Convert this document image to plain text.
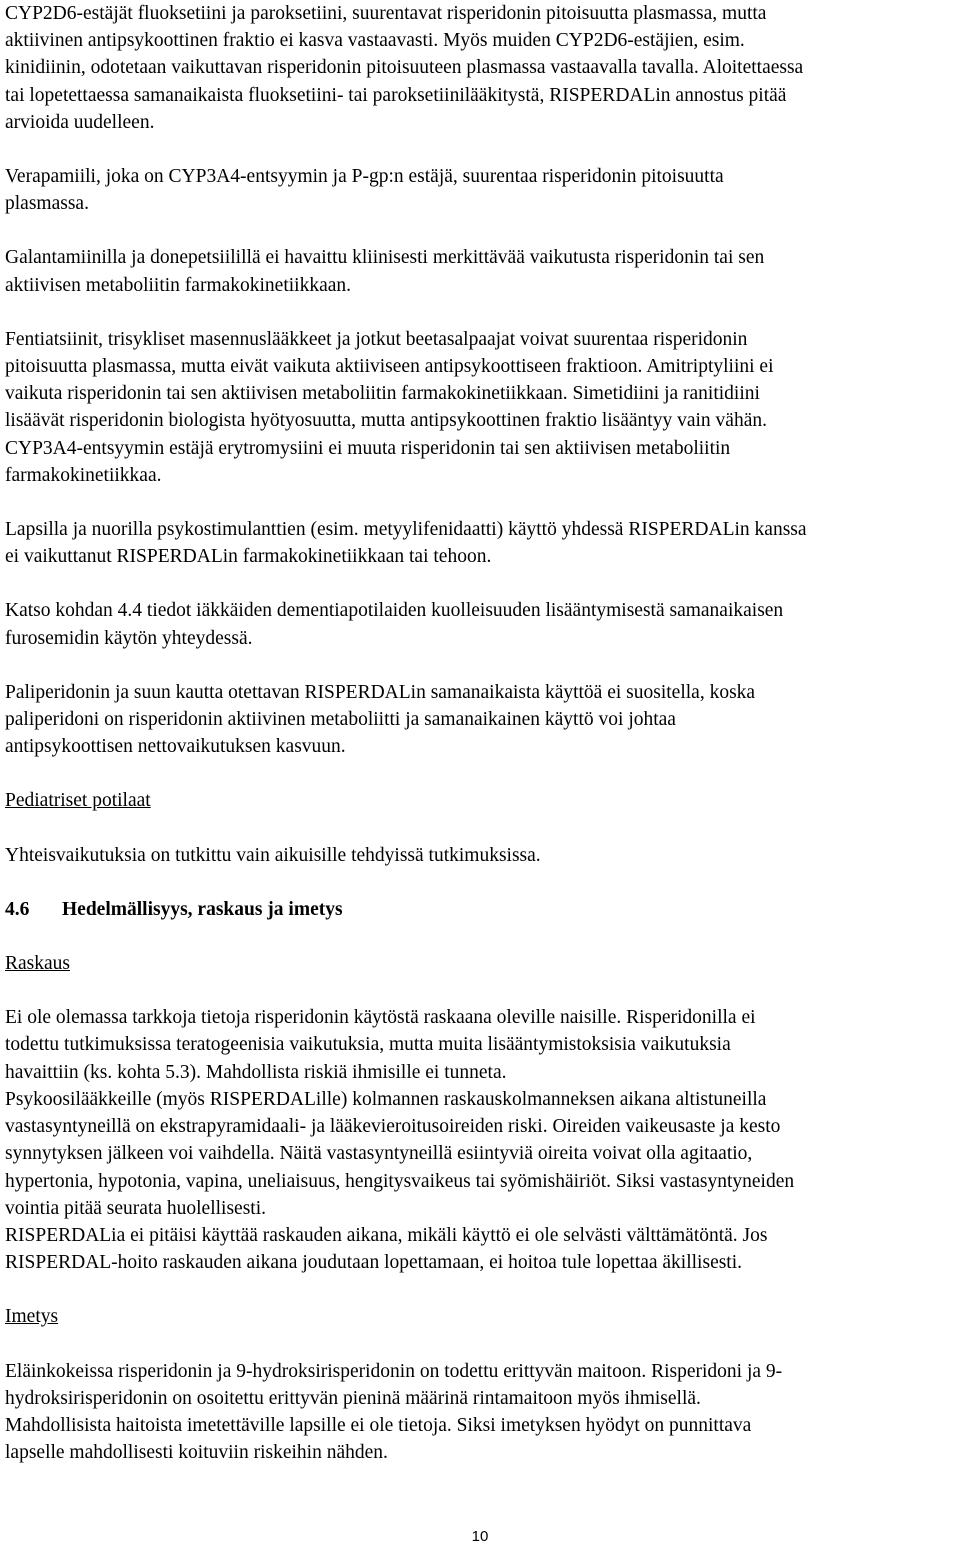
CYP2D6-estäjät fluoksetiini ja paroksetiini, suurentavat risperidonin pitoisuutta plasmassa, mutta
aktiivinen antipsykoottinen fraktio ei kasva vastaavasti. Myös muiden CYP2D6-estäjien, esim.
kinidiinin, odotetaan vaikuttavan risperidonin pitoisuuteen plasmassa vastaavalla tavalla. Aloitettaessa
tai lopetettaessa samanaikaista fluoksetiini- tai paroksetiinilääkitystä, RISPERDALin annostus pitää
arvioida uudelleen.
Verapamiili, joka on CYP3A4-entsyymin ja P-gp:n estäjä, suurentaa risperidonin pitoisuutta
plasmassa.
Galantamiinilla ja donepetsiilillä ei havaittu kliinisesti merkittävää vaikutusta risperidonin tai sen
aktiivisen metaboliitin farmakokinetiikkaan.
Fentiatsiinit, trisykliset masennuslääkkeet ja jotkut beetasalpaajat voivat suurentaa risperidonin
pitoisuutta plasmassa, mutta eivät vaikuta aktiiviseen antipsykoottiseen fraktioon. Amitriptyliini ei
vaikuta risperidonin tai sen aktiivisen metaboliitin farmakokinetiikkaan. Simetidiini ja ranitidiini
lisäävät risperidonin biologista hyötyosuutta, mutta antipsykoottinen fraktio lisääntyy vain vähän.
CYP3A4-entsyymin estäjä erytromysiini ei muuta risperidonin tai sen aktiivisen metaboliitin
farmakokinetiikkaa.
Lapsilla ja nuorilla psykostimulanttien (esim. metyylifenidaatti) käyttö yhdessä RISPERDALin kanssa
ei vaikuttanut RISPERDALin farmakokinetiikkaan tai tehoon.
Katso kohdan 4.4 tiedot iäkkäiden dementiapotilaiden kuolleisuuden lisääntymisestä samanaikaisen
furosemidin käytön yhteydessä.
Paliperidonin ja suun kautta otettavan RISPERDALin samanaikaista käyttöä ei suositella, koska
paliperidoni on risperidonin aktiivinen metaboliitti ja samanaikainen käyttö voi johtaa
antipsykoottisen nettovaikutuksen kasvuun.

Pediatriset potilaat

Yhteisvaikutuksia on tutkittu vain aikuisille tehdyissä tutkimuksissa.

4.6 Hedelmällisyys, raskaus ja imetys

Raskaus

Ei ole olemassa tarkkoja tietoja risperidonin käytöstä raskaana oleville naisille. Risperidonilla ei
todettu tutkimuksissa teratogeenisia vaikutuksia, mutta muita lisääntymistoksisia vaikutuksia
havaittiin (ks. kohta 5.3). Mahdollista riskiä ihmisille ei tunneta.
Psykoosilääkkeille (myös RISPERDALille) kolmannen raskauskolmanneksen aikana altistuneilla
vastasyntyneillä on ekstrapyramidaali- ja lääkevieroitusoireiden riski. Oireiden vaikeusaste ja kesto
synnytyksen jälkeen voi vaihdella. Näitä vastasyntyneillä esiintyviä oireita voivat olla agitaatio,
hypertonia, hypotonia, vapina, uneliaisuus, hengitysvaikeus tai syömishäiriöt. Siksi vastasyntyneiden
vointia pitää seurata huolellisesti.
RISPERDALia ei pitäisi käyttää raskauden aikana, mikäli käyttö ei ole selvästi välttämätöntä. Jos
RISPERDAL-hoito raskauden aikana joudutaan lopettamaan, ei hoitoa tule lopettaa äkillisesti.

Imetys

Eläinkokeissa risperidonin ja 9-hydroksirisperidonin on todettu erittyvän maitoon. Risperidoni ja 9-
hydroksirisperidonin on osoitettu erittyvän pieninä määrinä rintamaitoon myös ihmisellä.
Mahdollisista haitoista imetettäville lapsille ei ole tietoja. Siksi imetyksen hyödyt on punnittava
lapselle mahdollisesti koituviin riskeihin nähden.
10
